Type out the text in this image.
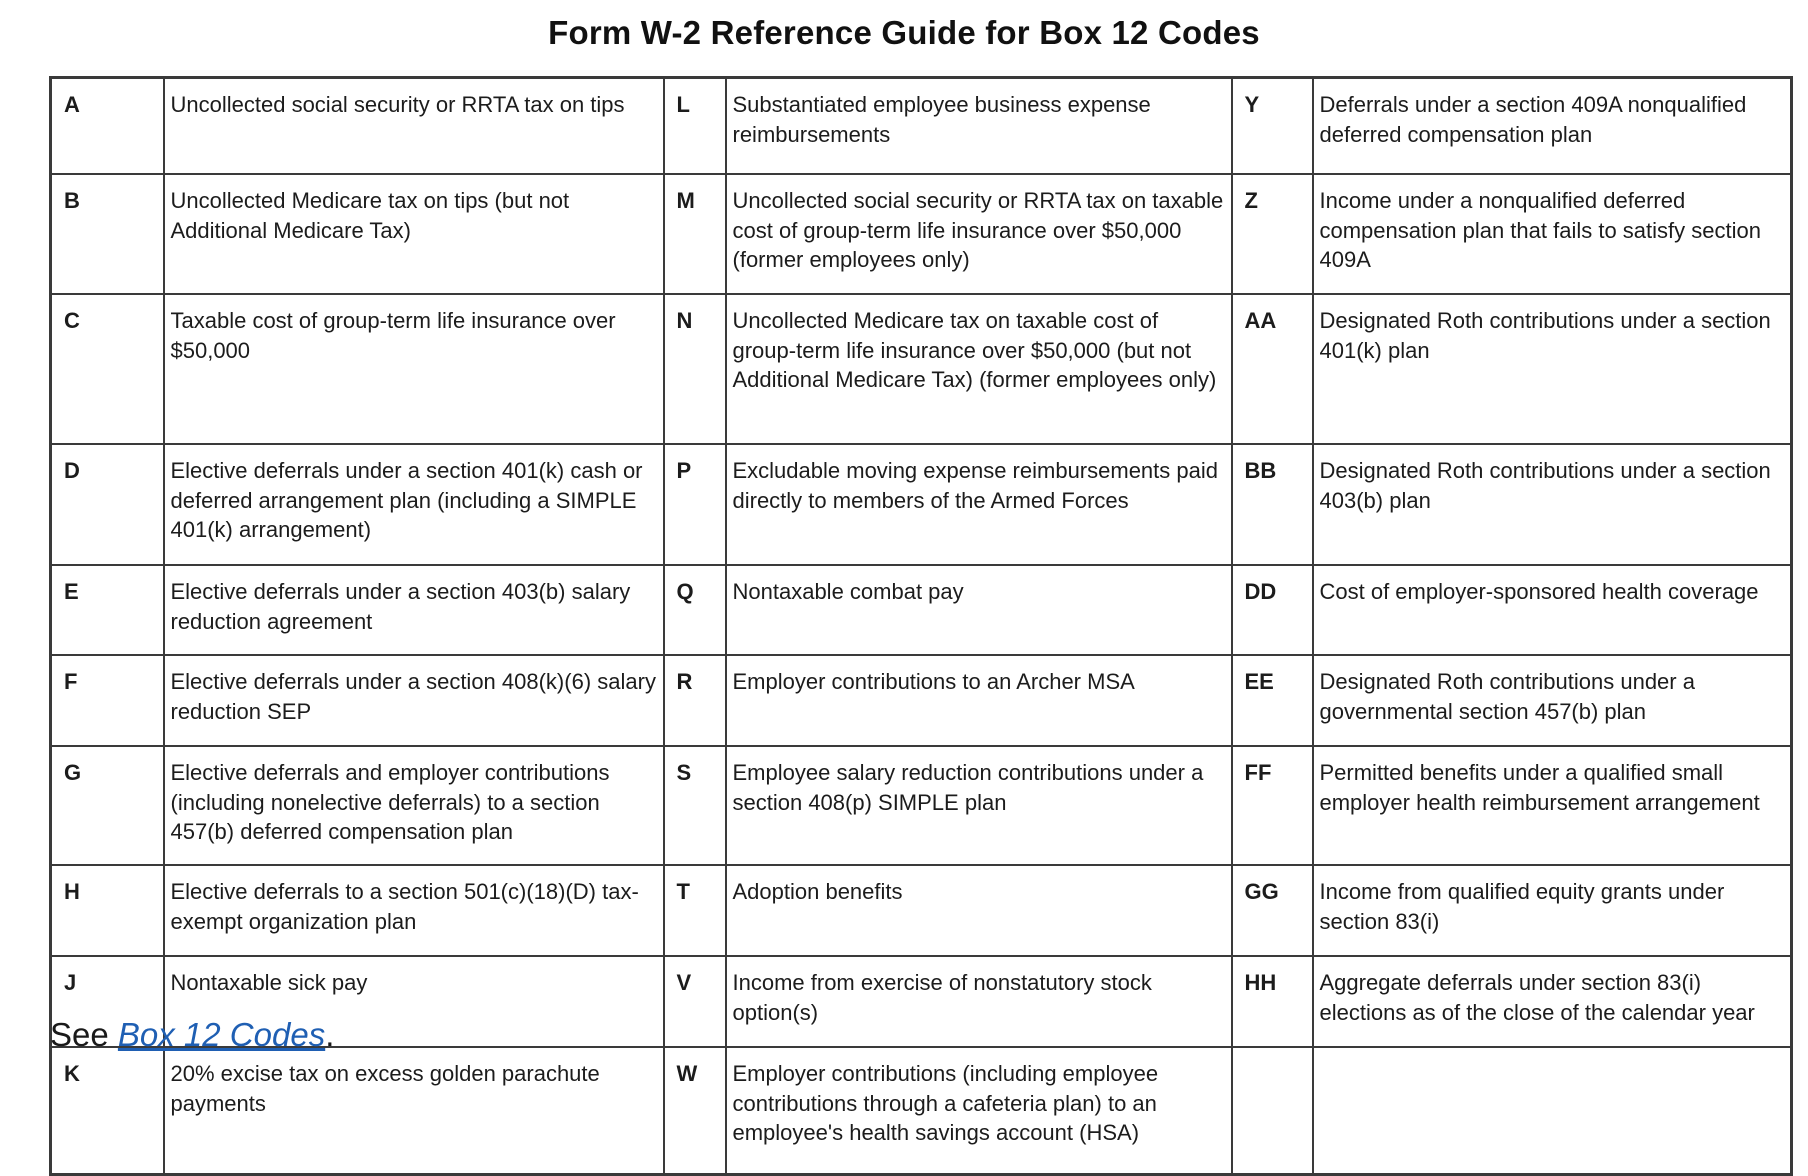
Form W-2 Reference Guide for Box 12 Codes
A	Uncollected social security or RRTA tax on tips	L	Substantiated employee business expense reimbursements	Y	Deferrals under a section 409A nonqualified deferred compensation plan
B	Uncollected Medicare tax on tips (but not Additional Medicare Tax)	M	Uncollected social security or RRTA tax on taxable cost of group-term life insurance over $50,000 (former employees only)	Z	Income under a nonqualified deferred compensation plan that fails to satisfy section 409A
C	Taxable cost of group-term life insurance over $50,000	N	Uncollected Medicare tax on taxable cost of group-term life insurance over $50,000 (but not Additional Medicare Tax) (former employees only)	AA	Designated Roth contributions under a section 401(k) plan
D	Elective deferrals under a section 401(k) cash or deferred arrangement plan (including a SIMPLE 401(k) arrangement)	P	Excludable moving expense reimbursements paid directly to members of the Armed Forces	BB	Designated Roth contributions under a section 403(b) plan
E	Elective deferrals under a section 403(b) salary reduction agreement	Q	Nontaxable combat pay	DD	Cost of employer-sponsored health coverage
F	Elective deferrals under a section 408(k)(6) salary reduction SEP	R	Employer contributions to an Archer MSA	EE	Designated Roth contributions under a governmental section 457(b) plan
G	Elective deferrals and employer contributions (including nonelective deferrals) to a section 457(b) deferred compensation plan	S	Employee salary reduction contributions under a section 408(p) SIMPLE plan	FF	Permitted benefits under a qualified small employer health reimbursement arrangement
H	Elective deferrals to a section 501(c)(18)(D) tax-exempt organization plan	T	Adoption benefits	GG	Income from qualified equity grants under section 83(i)
J	Nontaxable sick pay	V	Income from exercise of nonstatutory stock option(s)	HH	Aggregate deferrals under section 83(i) elections as of the close of the calendar year
K	20% excise tax on excess golden parachute payments	W	Employer contributions (including employee contributions through a cafeteria plan) to an employee's health savings account (HSA)		
See Box 12 Codes.
